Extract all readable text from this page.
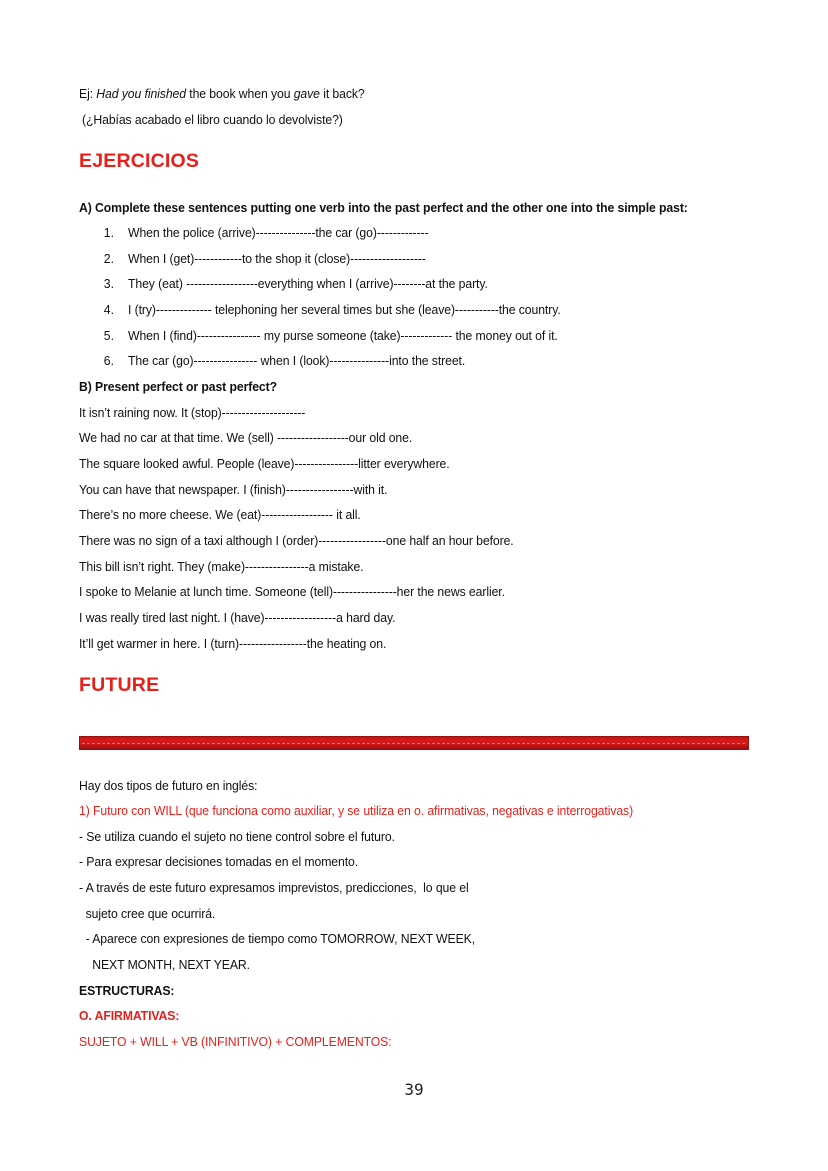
Ej: Had you finished the book when you gave it back?
(¿Habías acabado el libro cuando lo devolviste?)
EJERCICIOS
A) Complete these sentences putting one verb into the past perfect and the other one into the simple past:
1. When the police (arrive)---------------the car (go)-------------
2. When I (get)------------to the shop it (close)-------------------
3. They (eat) ------------------everything when I (arrive)--------at the party.
4. I (try)-------------- telephoning her several times but she (leave)-----------the country.
5. When I (find)---------------- my purse someone (take)------------- the money out of it.
6. The car (go)---------------- when I (look)---------------into the street.
B) Present perfect or past perfect?
It isn’t raining now. It (stop)---------------------
We had no car at that time. We (sell) ------------------our old one.
The square looked awful. People (leave)----------------litter everywhere.
You can have that newspaper. I (finish)-----------------with it.
There’s no more cheese. We (eat)------------------ it all.
There was no sign of a taxi although I (order)-----------------one half an hour before.
This bill isn’t right. They (make)----------------a mistake.
I spoke to Melanie at lunch time. Someone (tell)----------------her the news earlier.
I was really tired last night. I (have)------------------a hard day.
It’ll get warmer in here. I (turn)-----------------the heating on.
FUTURE
Hay dos tipos de futuro en inglés:
1) Futuro con WILL (que funciona como auxiliar, y se utiliza en o. afirmativas, negativas e interrogativas)
- Se utiliza cuando el sujeto no tiene control sobre el futuro.
- Para expresar decisiones tomadas en el momento.
- A través de este futuro expresamos imprevistos, predicciones,  lo que el
sujeto cree que ocurrirá.
- Aparece con expresiones de tiempo como TOMORROW, NEXT WEEK,
NEXT MONTH, NEXT YEAR.
ESTRUCTURAS:
O. AFIRMATIVAS:
SUJETO + WILL + VB (INFINITIVO) + COMPLEMENTOS:
39
